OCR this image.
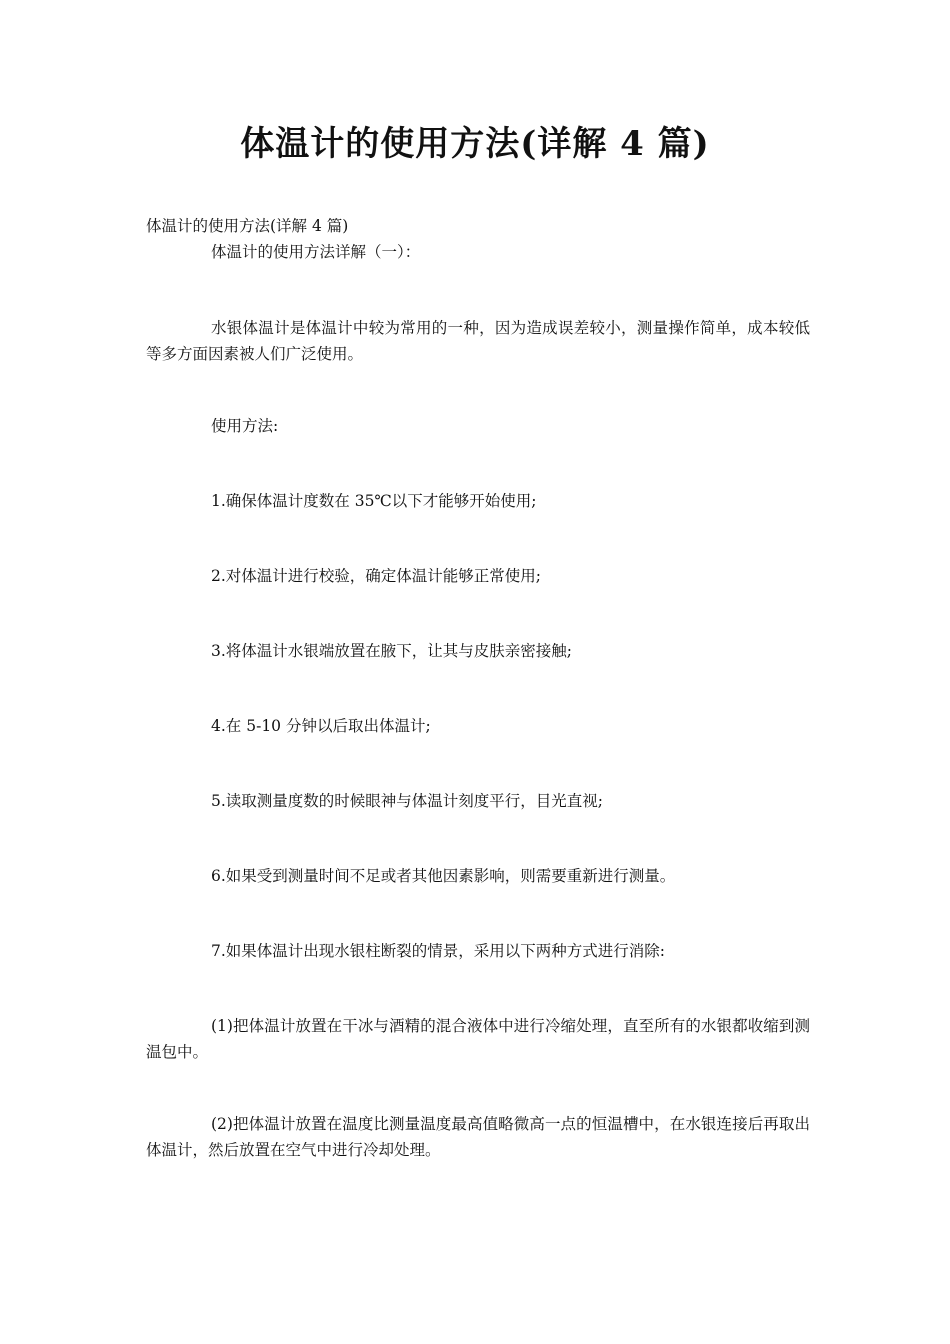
体温计的使用方法(详解 4 篇)
体温计的使用方法(详解 4 篇)
体温计的使用方法详解（一）：
水银体温计是体温计中较为常用的一种，因为造成误差较小，测量操作简单，成本较低等多方面因素被人们广泛使用。
使用方法:
1.确保体温计度数在 35℃以下才能够开始使用;
2.对体温计进行校验，确定体温计能够正常使用;
3.将体温计水银端放置在腋下，让其与皮肤亲密接触;
4.在 5-10 分钟以后取出体温计;
5.读取测量度数的时候眼神与体温计刻度平行，目光直视;
6.如果受到测量时间不足或者其他因素影响，则需要重新进行测量。
7.如果体温计出现水银柱断裂的情景，采用以下两种方式进行消除:
(1)把体温计放置在干冰与酒精的混合液体中进行冷缩处理，直至所有的水银都收缩到测温包中。
(2)把体温计放置在温度比测量温度最高值略微高一点的恒温槽中，在水银连接后再取出体温计，然后放置在空气中进行冷却处理。
